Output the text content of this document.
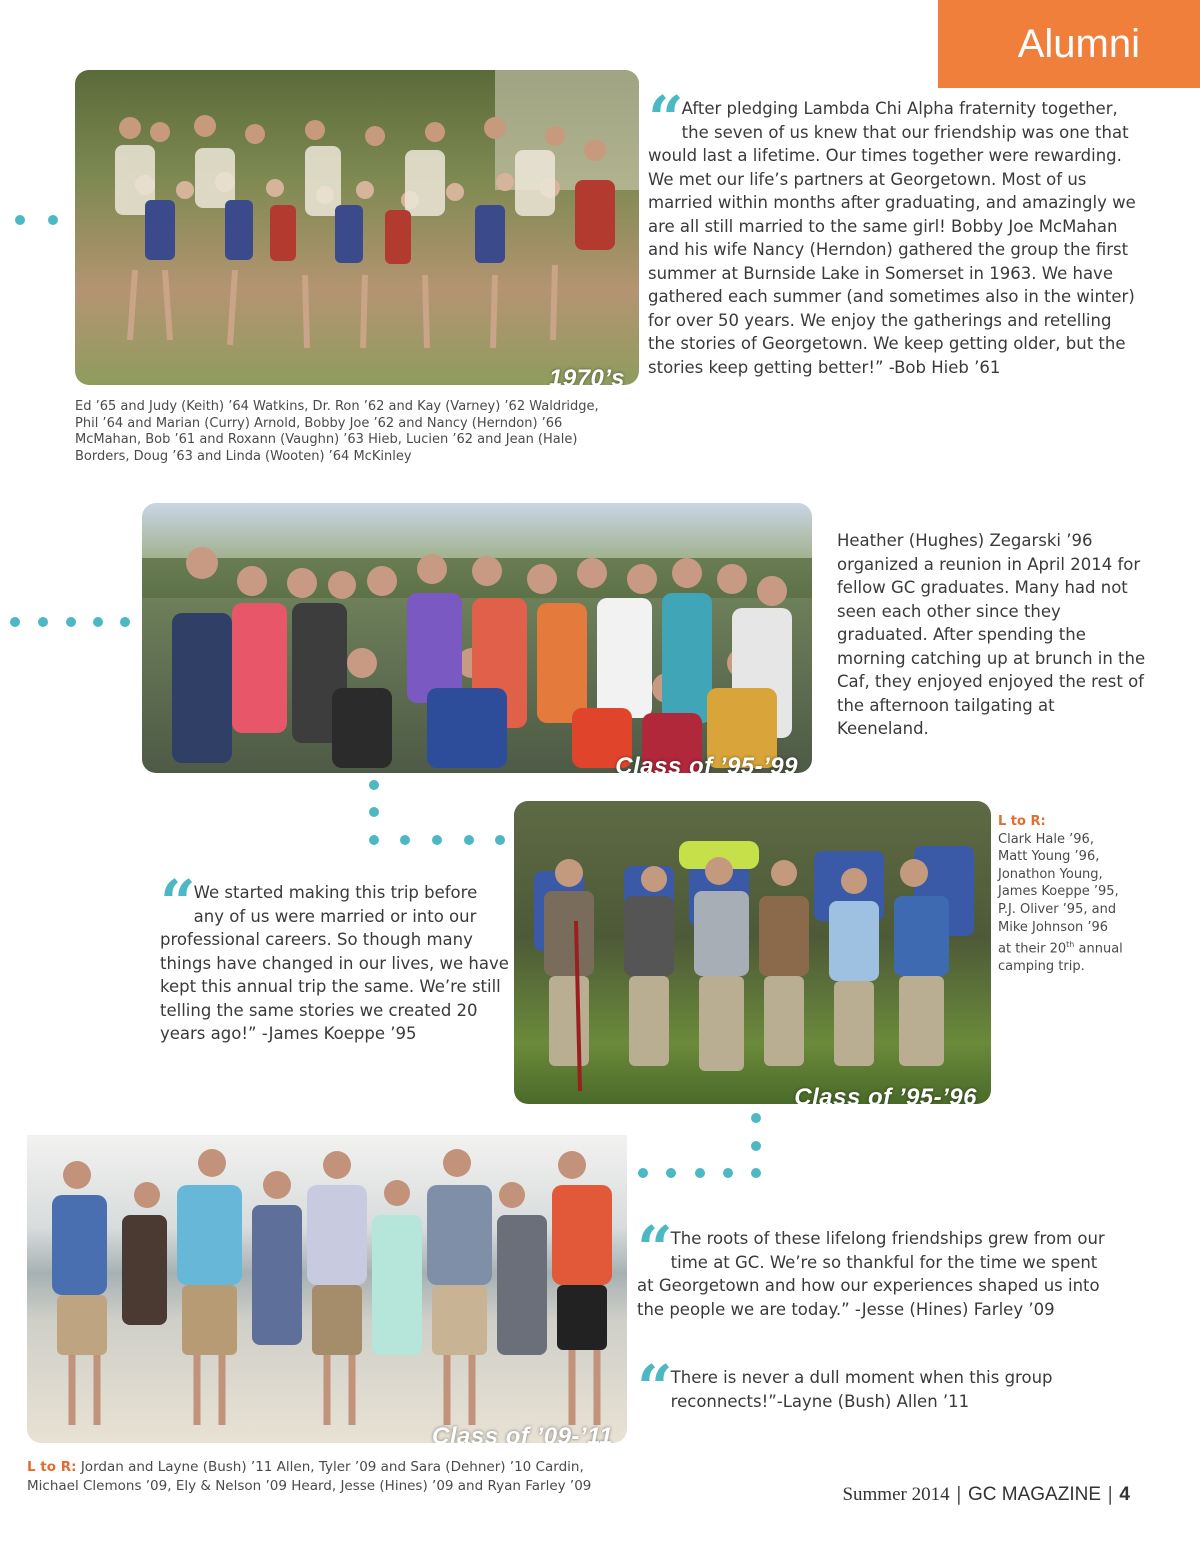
Alumni
1970’s
Ed ’65 and Judy (Keith) ’64 Watkins, Dr. Ron ’62 and Kay (Varney) ’62 Waldridge, Phil ’64 and Marian (Curry) Arnold, Bobby Joe ’62 and Nancy (Herndon) ’66 McMahan, Bob ’61 and Roxann (Vaughn) ’63 Hieb, Lucien ’62 and Jean (Hale) Borders, Doug ’63 and Linda (Wooten) ’64 McKinley
“ After pledging Lambda Chi Alpha fraternity together, the seven of us knew that our friendship was one that would last a lifetime. Our times together were rewarding. We met our life’s partners at Georgetown. Most of us married within months after graduating, and amazingly we are all still married to the same girl! Bobby Joe McMahan and his wife Nancy (Herndon) gathered the group the first summer at Burnside Lake in Somerset in 1963. We have gathered each summer (and sometimes also in the winter) for over 50 years. We enjoy the gatherings and retelling the stories of Georgetown. We keep getting older, but the stories keep getting better!” -Bob Hieb ’61
Class of ’95-’99
Heather (Hughes) Zegarski ’96 organized a reunion in April 2014 for fellow GC graduates. Many had not seen each other since they graduated. After spending the morning catching up at brunch in the Caf, they enjoyed enjoyed the rest of the afternoon tailgating at Keeneland.
Class of ’95-’96
L to R:
Clark Hale ’96,
Matt Young ’96,
Jonathon Young,
James Koeppe ’95,
P.J. Oliver ’95, and
Mike Johnson ’96
at their 20th annual
camping trip.
“ We started making this trip before any of us were married or into our professional careers. So though many things have changed in our lives, we have kept this annual trip the same. We’re still telling the same stories we created 20 years ago!” -James Koeppe ’95
Class of ’09-’11
L to R: Jordan and Layne (Bush) ’11 Allen, Tyler ’09 and Sara (Dehner) ’10 Cardin, Michael Clemons ’09, Ely & Nelson ’09 Heard, Jesse (Hines) ’09 and Ryan Farley ’09
“ The roots of these lifelong friendships grew from our time at GC. We’re so thankful for the time we spent at Georgetown and how our experiences shaped us into the people we are today.” -Jesse (Hines) Farley ’09
“ There is never a dull moment when this group reconnects!”-Layne (Bush) Allen ’11
Summer 2014 | GC MAGAZINE | 4
